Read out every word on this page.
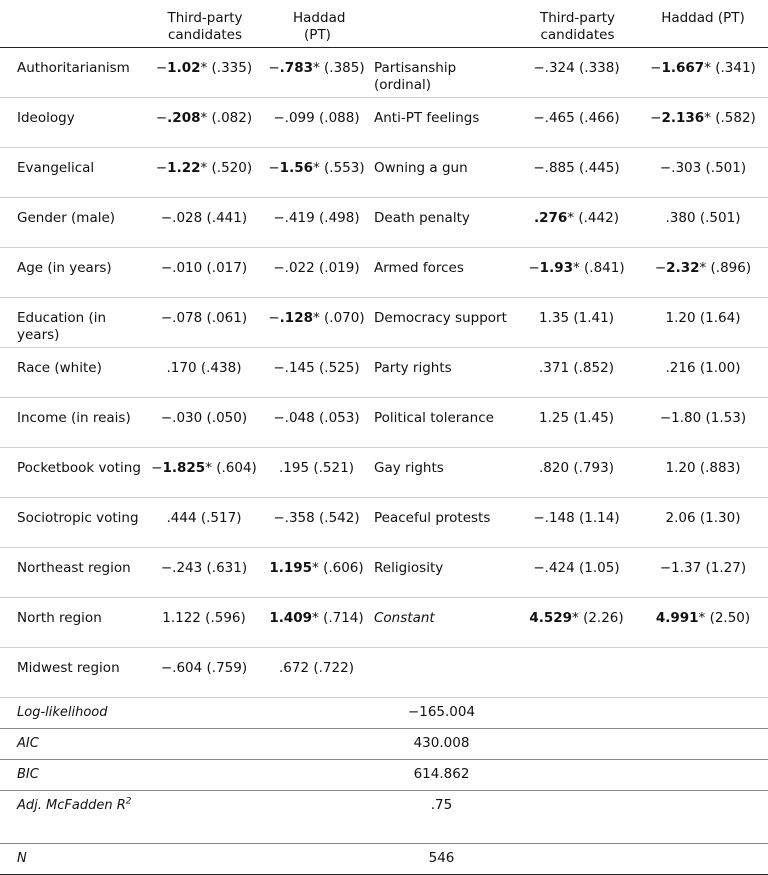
	Third-party candidates	Haddad (PT)		Third-party candidates	Haddad (PT)
Authoritarianism	−1.02* (.335)	−.783* (.385)	Partisanship (ordinal)	−.324 (.338)	−1.667* (.341)
Ideology	−.208* (.082)	−.099 (.088)	Anti-PT feelings	−.465 (.466)	−2.136* (.582)
Evangelical	−1.22* (.520)	−1.56* (.553)	Owning a gun	−.885 (.445)	−.303 (.501)
Gender (male)	−.028 (.441)	−.419 (.498)	Death penalty	.276* (.442)	.380 (.501)
Age (in years)	−.010 (.017)	−.022 (.019)	Armed forces	−1.93* (.841)	−2.32* (.896)
Education (in years)	−.078 (.061)	−.128* (.070)	Democracy support	1.35 (1.41)	1.20 (1.64)
Race (white)	.170 (.438)	−.145 (.525)	Party rights	.371 (.852)	.216 (1.00)
Income (in reais)	−.030 (.050)	−.048 (.053)	Political tolerance	1.25 (1.45)	−1.80 (1.53)
Pocketbook voting	−1.825* (.604)	.195 (.521)	Gay rights	.820 (.793)	1.20 (.883)
Sociotropic voting	.444 (.517)	−.358 (.542)	Peaceful protests	−.148 (1.14)	2.06 (1.30)
Northeast region	−.243 (.631)	1.195* (.606)	Religiosity	−.424 (1.05)	−1.37 (1.27)
North region	1.122 (.596)	1.409* (.714)	Constant	4.529* (2.26)	4.991* (2.50)
Midwest region	−.604 (.759)	.672 (.722)			
Log-likelihood			−165.004		
AIC			430.008		
BIC			614.862		
Adj. McFadden $R^2$			.75		
N			546		
